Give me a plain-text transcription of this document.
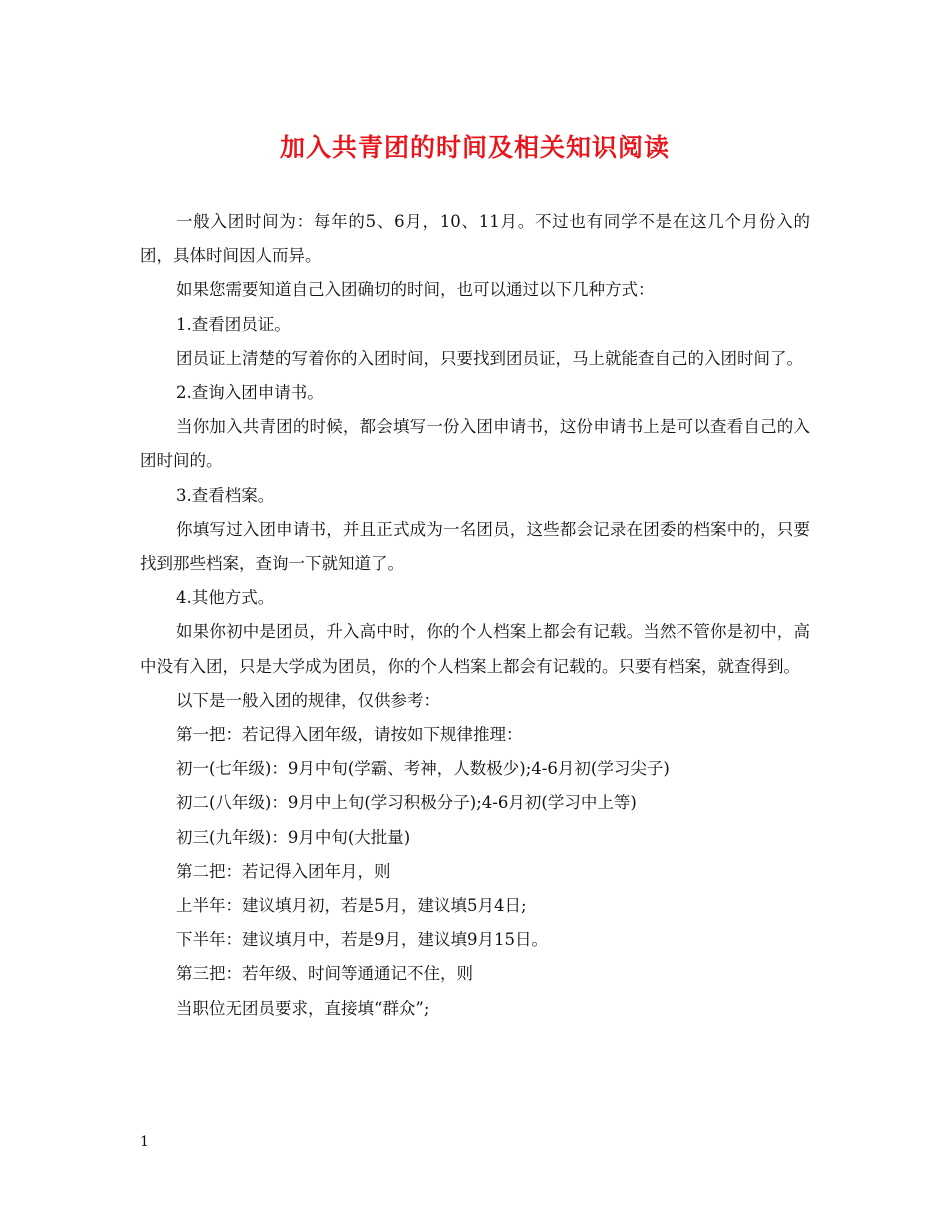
加入共青团的时间及相关知识阅读

一般入团时间为：每年的5、6月，10、11月。不过也有同学不是在这几个月份入的团，具体时间因人而异。

如果您需要知道自己入团确切的时间，也可以通过以下几种方式：

1.查看团员证。

团员证上清楚的写着你的入团时间，只要找到团员证，马上就能查自己的入团时间了。

2.查询入团申请书。

当你加入共青团的时候，都会填写一份入团申请书，这份申请书上是可以查看自己的入团时间的。

3.查看档案。

你填写过入团申请书，并且正式成为一名团员，这些都会记录在团委的档案中的，只要找到那些档案，查询一下就知道了。

4.其他方式。

如果你初中是团员，升入高中时，你的个人档案上都会有记载。当然不管你是初中，高中没有入团，只是大学成为团员，你的个人档案上都会有记载的。只要有档案，就查得到。

以下是一般入团的规律，仅供参考：

第一把：若记得入团年级，请按如下规律推理：

初一(七年级)：9月中旬(学霸、考神，人数极少);4-6月初(学习尖子)

初二(八年级)：9月中上旬(学习积极分子);4-6月初(学习中上等)

初三(九年级)：9月中旬(大批量)

第二把：若记得入团年月，则

上半年：建议填月初，若是5月，建议填5月4日;

下半年：建议填月中，若是9月，建议填9月15日。

第三把：若年级、时间等通通记不住，则

当职位无团员要求，直接填“群众”;

1
